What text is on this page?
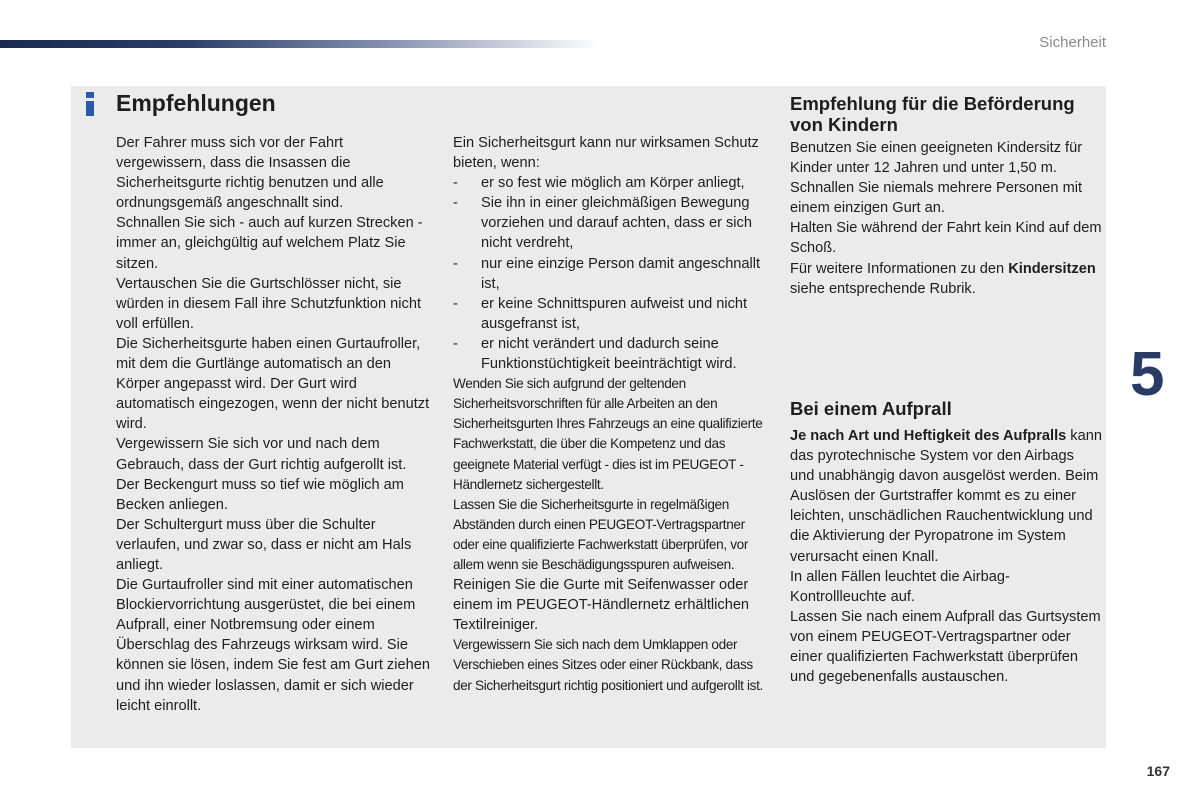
Sicherheit
Empfehlungen

Der Fahrer muss sich vor der Fahrt vergewissern, dass die Insassen die Sicherheitsgurte richtig benutzen und alle ordnungsgemäß angeschnallt sind.

Schnallen Sie sich - auch auf kurzen Strecken - immer an, gleichgültig auf welchem Platz Sie sitzen.

Vertauschen Sie die Gurtschlösser nicht, sie würden in diesem Fall ihre Schutzfunktion nicht voll erfüllen.

Die Sicherheitsgurte haben einen Gurtaufroller, mit dem die Gurtlänge automatisch an den Körper angepasst wird. Der Gurt wird automatisch eingezogen, wenn der nicht benutzt wird.

Vergewissern Sie sich vor und nach dem Gebrauch, dass der Gurt richtig aufgerollt ist.

Der Beckengurt muss so tief wie möglich am Becken anliegen.

Der Schultergurt muss über die Schulter verlaufen, und zwar so, dass er nicht am Hals anliegt.

Die Gurtaufroller sind mit einer automatischen Blockiervorrichtung ausgerüstet, die bei einem Aufprall, einer Notbremsung oder einem Überschlag des Fahrzeugs wirksam wird. Sie können sie lösen, indem Sie fest am Gurt ziehen und ihn wieder loslassen, damit er sich wieder leicht einrollt.

Ein Sicherheitsgurt kann nur wirksamen Schutz bieten, wenn:

- er so fest wie möglich am Körper anliegt,
- Sie ihn in einer gleichmäßigen Bewegung vorziehen und darauf achten, dass er sich nicht verdreht,
- nur eine einzige Person damit angeschnallt ist,
- er keine Schnittspuren aufweist und nicht ausgefranst ist,
- er nicht verändert und dadurch seine Funktionstüchtigkeit beeinträchtigt wird.

Wenden Sie sich aufgrund der geltenden Sicherheitsvorschriften für alle Arbeiten an den Sicherheitsgurten Ihres Fahrzeugs an eine qualifizierte Fachwerkstatt, die über die Kompetenz und das geeignete Material verfügt - dies ist im PEUGEOT -Händlernetz sichergestellt.

Lassen Sie die Sicherheitsgurte in regelmäßigen Abständen durch einen PEUGEOT-Vertragspartner oder eine qualifizierte Fachwerkstatt überprüfen, vor allem wenn sie Beschädigungsspuren aufweisen.

Reinigen Sie die Gurte mit Seifenwasser oder einem im PEUGEOT-Händlernetz erhältlichen Textilreiniger.

Vergewissern Sie sich nach dem Umklappen oder Verschieben eines Sitzes oder einer Rückbank, dass der Sicherheitsgurt richtig positioniert und aufgerollt ist.

Empfehlung für die Beförderung von Kindern

Benutzen Sie einen geeigneten Kindersitz für Kinder unter 12 Jahren und unter 1,50 m.

Schnallen Sie niemals mehrere Personen mit einem einzigen Gurt an.

Halten Sie während der Fahrt kein Kind auf dem Schoß.

Für weitere Informationen zu den Kindersitzen siehe entsprechende Rubrik.

Bei einem Aufprall

Je nach Art und Heftigkeit des Aufpralls kann das pyrotechnische System vor den Airbags und unabhängig davon ausgelöst werden. Beim Auslösen der Gurtstraffer kommt es zu einer leichten, unschädlichen Rauchentwicklung und die Aktivierung der Pyropatrone im System verursacht einen Knall.

In allen Fällen leuchtet die Airbag-Kontrollleuchte auf.

Lassen Sie nach einem Aufprall das Gurtsystem von einem PEUGEOT-Vertragspartner oder einer qualifizierten Fachwerkstatt überprüfen und gegebenenfalls austauschen.

5
167
